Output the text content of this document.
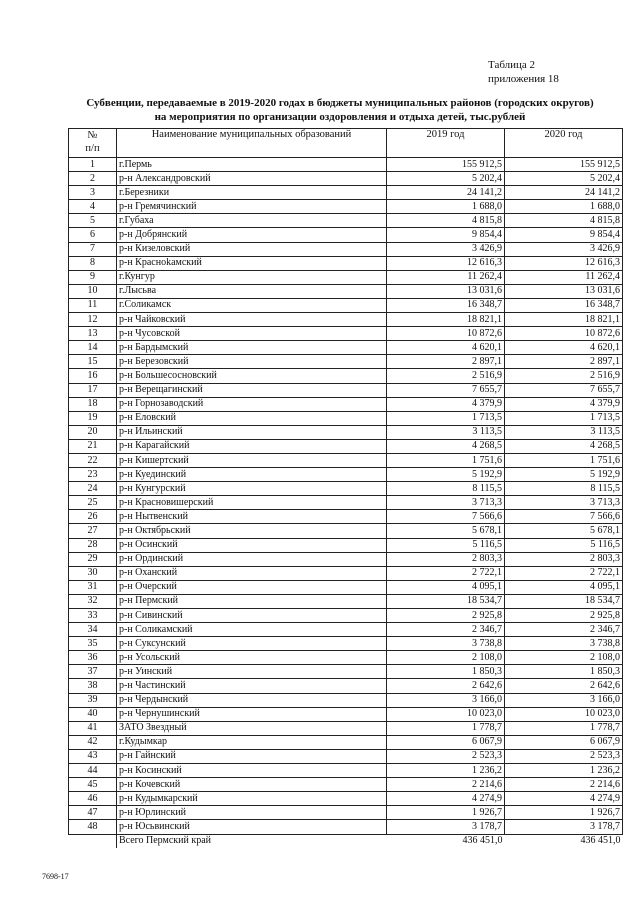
Таблица 2
приложения 18
Субвенции, передаваемые в 2019-2020 годах в бюджеты муниципальных районов (городских округов)
на мероприятия по организации оздоровления и отдыха детей, тыс.рублей
№
п/п	Наименование муниципальных образований	2019 год	2020 год
1	г.Пермь	155 912,5	155 912,5
2	р-н Александровский	5 202,4	5 202,4
3	г.Березники	24 141,2	24 141,2
4	р-н Гремячинский	1 688,0	1 688,0
5	г.Губаха	4 815,8	4 815,8
6	р-н Добрянский	9 854,4	9 854,4
7	р-н Кизеловский	3 426,9	3 426,9
8	р-н Красноkамский	12 616,3	12 616,3
9	г.Кунгур	11 262,4	11 262,4
10	г.Лысьва	13 031,6	13 031,6
11	г.Соликамск	16 348,7	16 348,7
12	р-н Чайковский	18 821,1	18 821,1
13	р-н Чусовской	10 872,6	10 872,6
14	р-н Бардымский	4 620,1	4 620,1
15	р-н Березовский	2 897,1	2 897,1
16	р-н Большесосновский	2 516,9	2 516,9
17	р-н Верещагинский	7 655,7	7 655,7
18	р-н Горнозаводский	4 379,9	4 379,9
19	р-н Еловский	1 713,5	1 713,5
20	р-н Ильинский	3 113,5	3 113,5
21	р-н Карагайский	4 268,5	4 268,5
22	р-н Кишертский	1 751,6	1 751,6
23	р-н Куединский	5 192,9	5 192,9
24	р-н Кунгурский	8 115,5	8 115,5
25	р-н Красновишерский	3 713,3	3 713,3
26	р-н Нытвенский	7 566,6	7 566,6
27	р-н Октябрьский	5 678,1	5 678,1
28	р-н Осинский	5 116,5	5 116,5
29	р-н Ординский	2 803,3	2 803,3
30	р-н Оханский	2 722,1	2 722,1
31	р-н Очерский	4 095,1	4 095,1
32	р-н Пермский	18 534,7	18 534,7
33	р-н Сивинский	2 925,8	2 925,8
34	р-н Соликамский	2 346,7	2 346,7
35	р-н Суксунский	3 738,8	3 738,8
36	р-н Усольский	2 108,0	2 108,0
37	р-н Уинский	1 850,3	1 850,3
38	р-н Частинский	2 642,6	2 642,6
39	р-н Чердынский	3 166,0	3 166,0
40	р-н Чернушинский	10 023,0	10 023,0
41	ЗАТО Звездный	1 778,7	1 778,7
42	г.Кудымкар	6 067,9	6 067,9
43	р-н Гайнский	2 523,3	2 523,3
44	р-н Косинский	1 236,2	1 236,2
45	р-н Кочевский	2 214,6	2 214,6
46	р-н Кудымкарский	4 274,9	4 274,9
47	р-н Юрлинский	1 926,7	1 926,7
48	р-н Юсьвинский	3 178,7	3 178,7
	Всего Пермский край	436 451,0	436 451,0
7698-17
